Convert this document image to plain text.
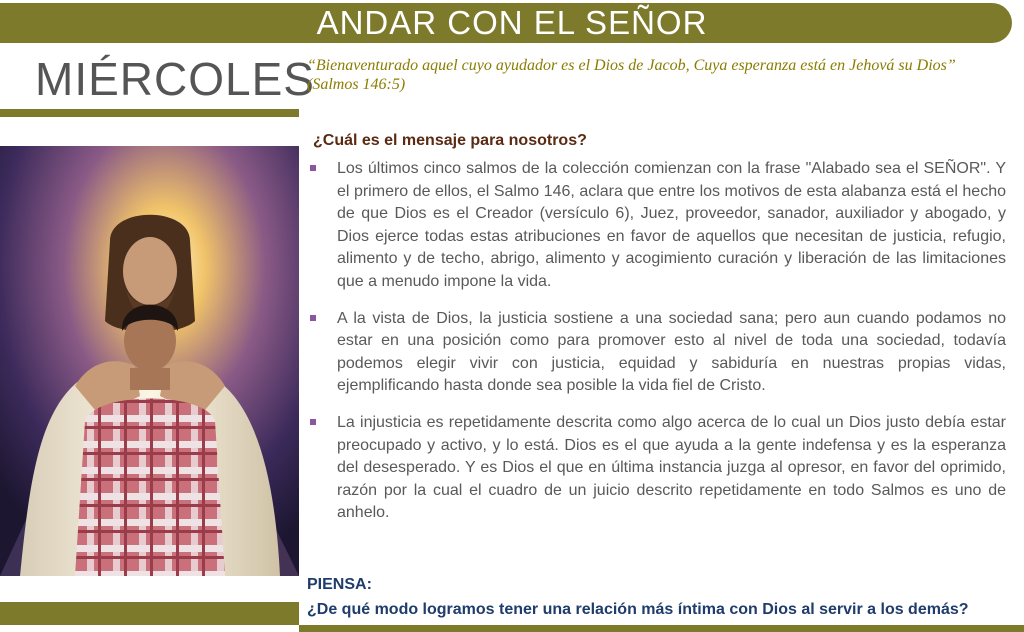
ANDAR CON EL SEÑOR
MIÉRCOLES
“Bienaventurado aquel cuyo ayudador es el Dios de Jacob, Cuya esperanza está en Jehová su Dios”
(Salmos 146:5)
¿Cuál es el mensaje para nosotros?
Los últimos cinco salmos de la colección comienzan con la frase "Alabado sea el SEÑOR". Y el primero de ellos, el Salmo 146, aclara que entre los motivos de esta alabanza está el hecho de que Dios es el Creador (versículo 6), Juez, proveedor, sanador, auxiliador y abogado, y Dios ejerce todas estas atribuciones en favor de aquellos que necesitan de justicia, refugio, alimento y de techo, abrigo, alimento y acogimiento curación y liberación de las limitaciones que a menudo impone la vida.
A la vista de Dios, la justicia sostiene a una sociedad sana; pero aun cuando podamos no estar en una posición como para promover esto al nivel de toda una sociedad, todavía podemos elegir vivir con justicia, equidad y sabiduría en nuestras propias vidas, ejemplificando hasta donde sea posible la vida fiel de Cristo.
La injusticia es repetidamente descrita como algo acerca de lo cual un Dios justo debía estar preocupado y activo, y lo está. Dios es el que ayuda a la gente indefensa y es la esperanza del desesperado. Y es Dios el que en última instancia juzga al opresor, en favor del oprimido, razón por la cual el cuadro de un juicio descrito repetidamente en todo Salmos es uno de anhelo.
PIENSA:
¿De qué modo logramos tener una relación más íntima con Dios al servir a los demás?
